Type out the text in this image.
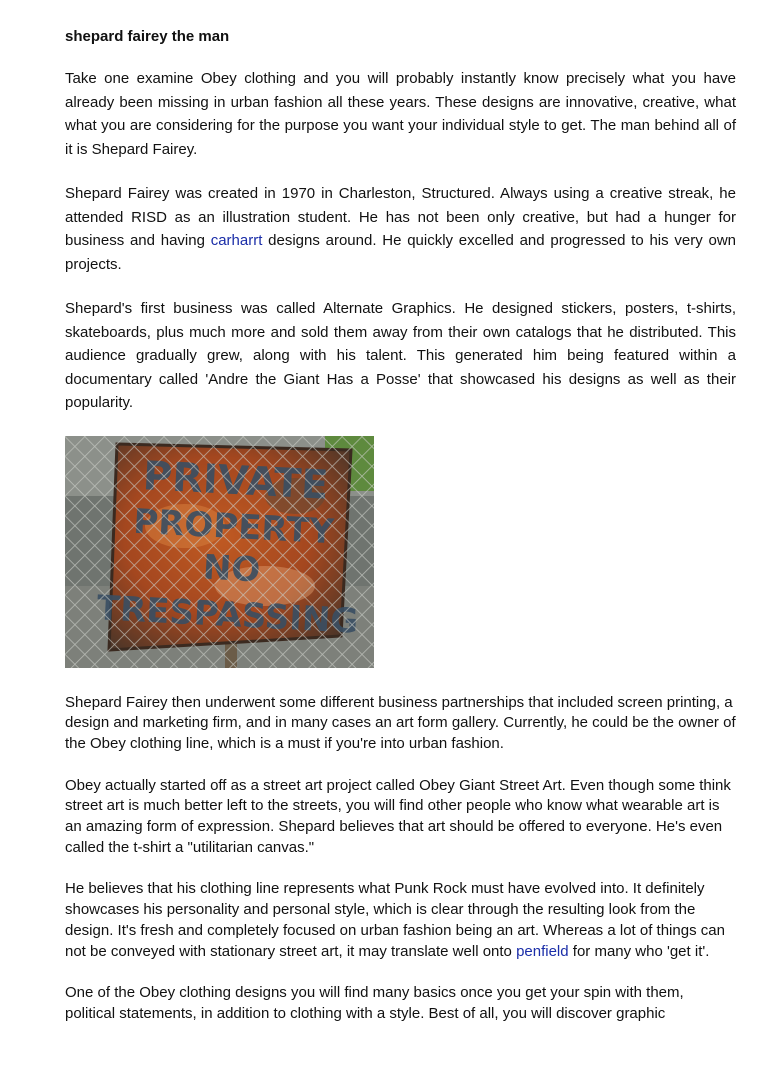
shepard fairey the man

Take one examine Obey clothing and you will probably instantly know precisely what you have already been missing in urban fashion all these years. These designs are innovative, creative, what what you are considering for the purpose you want your individual style to get. The man behind all of it is Shepard Fairey.

Shepard Fairey was created in 1970 in Charleston, Structured. Always using a creative streak, he attended RISD as an illustration student. He has not been only creative, but had a hunger for business and having carharrt designs around. He quickly excelled and progressed to his very own projects.

Shepard's first business was called Alternate Graphics. He designed stickers, posters, t-shirts, skateboards, plus much more and sold them away from their own catalogs that he distributed. This audience gradually grew, along with his talent. This generated him being featured within a documentary called 'Andre the Giant Has a Posse' that showcased his designs as well as their popularity.

Shepard Fairey then underwent some different business partnerships that included screen printing, a design and marketing firm, and in many cases an art form gallery. Currently, he could be the owner of the Obey clothing line, which is a must if you're into urban fashion.

Obey actually started off as a street art project called Obey Giant Street Art. Even though some think street art is much better left to the streets, you will find other people who know what wearable art is an amazing form of expression. Shepard believes that art should be offered to everyone. He's even called the t-shirt a "utilitarian canvas."

He believes that his clothing line represents what Punk Rock must have evolved into. It definitely showcases his personality and personal style, which is clear through the resulting look from the design. It's fresh and completely focused on urban fashion being an art. Whereas a lot of things can not be conveyed with stationary street art, it may translate well onto penfield for many who 'get it'.

One of the Obey clothing designs you will find many basics once you get your spin with them, political statements, in addition to clothing with a style. Best of all, you will discover graphic
